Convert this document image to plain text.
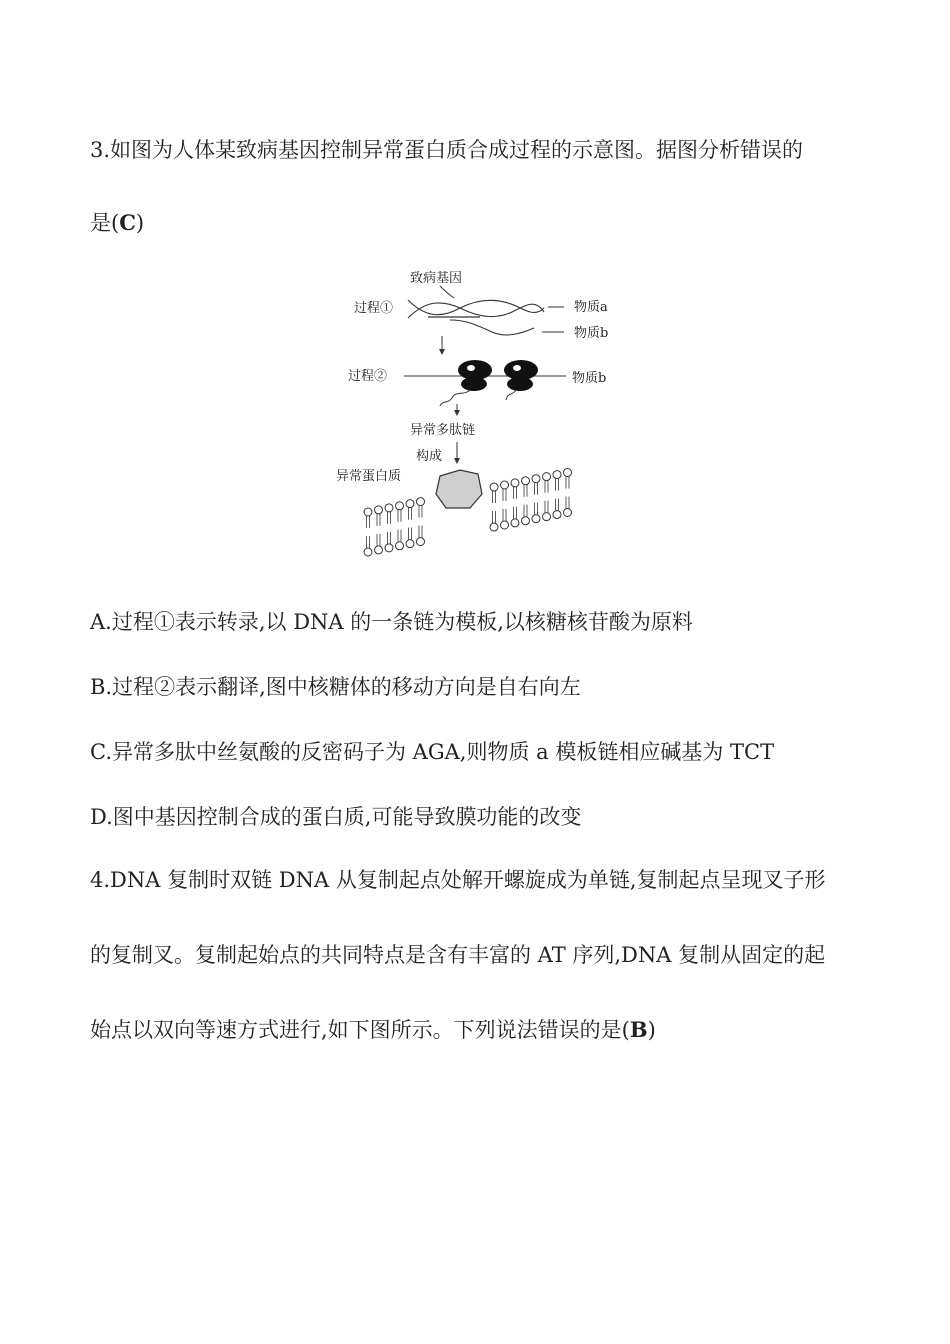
3.如图为人体某致病基因控制异常蛋白质合成过程的示意图。据图分析错误的
是(C)
致病基因
过程①	物质a
物质b
过程②	物质b
异常多肽链
构成
异常蛋白质
A.过程①表示转录,以 DNA 的一条链为模板,以核糖核苷酸为原料
B.过程②表示翻译,图中核糖体的移动方向是自右向左
C.异常多肽中丝氨酸的反密码子为 AGA,则物质 a 模板链相应碱基为 TCT
D.图中基因控制合成的蛋白质,可能导致膜功能的改变
4.DNA 复制时双链 DNA 从复制起点处解开螺旋成为单链,复制起点呈现叉子形
的复制叉。复制起始点的共同特点是含有丰富的 AT 序列,DNA 复制从固定的起
始点以双向等速方式进行,如下图所示。下列说法错误的是(B)
